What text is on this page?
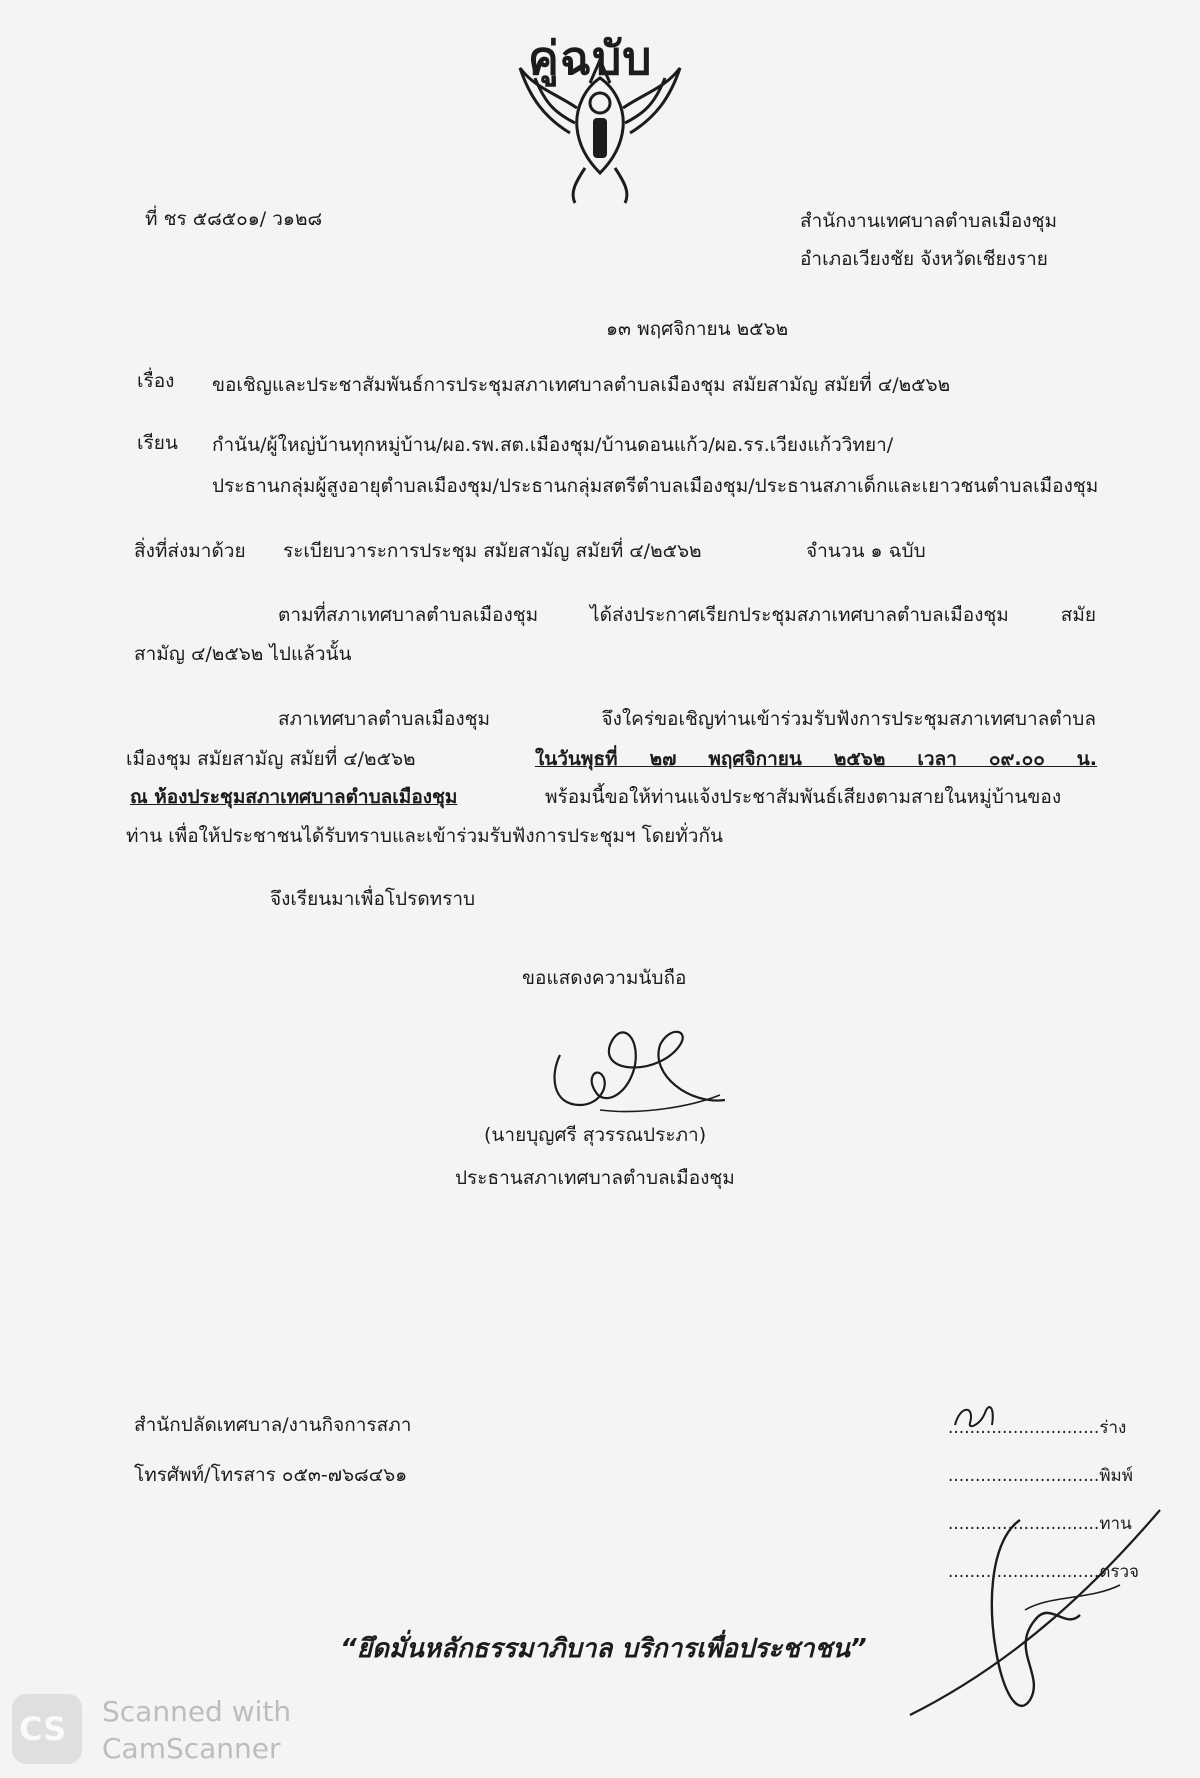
คู่ฉบับ
ที่ ชร ๕๘๕๐๑/ ว๑๒๘	สำนักงานเทศบาลตำบลเมืองชุม
อำเภอเวียงชัย จังหวัดเชียงราย
๑๓ พฤศจิกายน ๒๕๖๒
เรื่อง ขอเชิญและประชาสัมพันธ์การประชุมสภาเทศบาลตำบลเมืองชุม สมัยสามัญ สมัยที่ ๔/๒๕๖๒
เรียน กำนัน/ผู้ใหญ่บ้านทุกหมู่บ้าน/ผอ.รพ.สต.เมืองชุม/บ้านดอนแก้ว/ผอ.รร.เวียงแก้ววิทยา/
ประธานกลุ่มผู้สูงอายุตำบลเมืองชุม/ประธานกลุ่มสตรีตำบลเมืองชุม/ประธานสภาเด็กและเยาวชนตำบลเมืองชุม
สิ่งที่ส่งมาด้วย ระเบียบวาระการประชุม สมัยสามัญ สมัยที่ ๔/๒๕๖๒	จำนวน ๑ ฉบับ
ตามที่สภาเทศบาลตำบลเมืองชุม ได้ส่งประกาศเรียกประชุมสภาเทศบาลตำบลเมืองชุม สมัย
สามัญ ๔/๒๕๖๒ ไปแล้วนั้น
สภาเทศบาลตำบลเมืองชุม จึงใคร่ขอเชิญท่านเข้าร่วมรับฟังการประชุมสภาเทศบาลตำบล
เมืองชุม สมัยสามัญ สมัยที่ ๔/๒๕๖๒	ในวันพุธที่ ๒๗ พฤศจิกายน ๒๕๖๒ เวลา ๐๙.๐๐ น.
ณ ห้องประชุมสภาเทศบาลตำบลเมืองชุม	พร้อมนี้ขอให้ท่านแจ้งประชาสัมพันธ์เสียงตามสายในหมู่บ้านของ
ท่าน เพื่อให้ประชาชนได้รับทราบและเข้าร่วมรับฟังการประชุมฯ โดยทั่วกัน
จึงเรียนมาเพื่อโปรดทราบ
ขอแสดงความนับถือ
(นายบุญศรี สุวรรณประภา)
ประธานสภาเทศบาลตำบลเมืองชุม
สำนักปลัดเทศบาล/งานกิจการสภา
โทรศัพท์/โทรสาร ๐๕๓-๗๖๘๔๖๑
............................ร่าง
............................พิมพ์
............................ทาน
............................ตรวจ
“ยึดมั่นหลักธรรมาภิบาล บริการเพื่อประชาชน”
CS Scanned with
CamScanner
